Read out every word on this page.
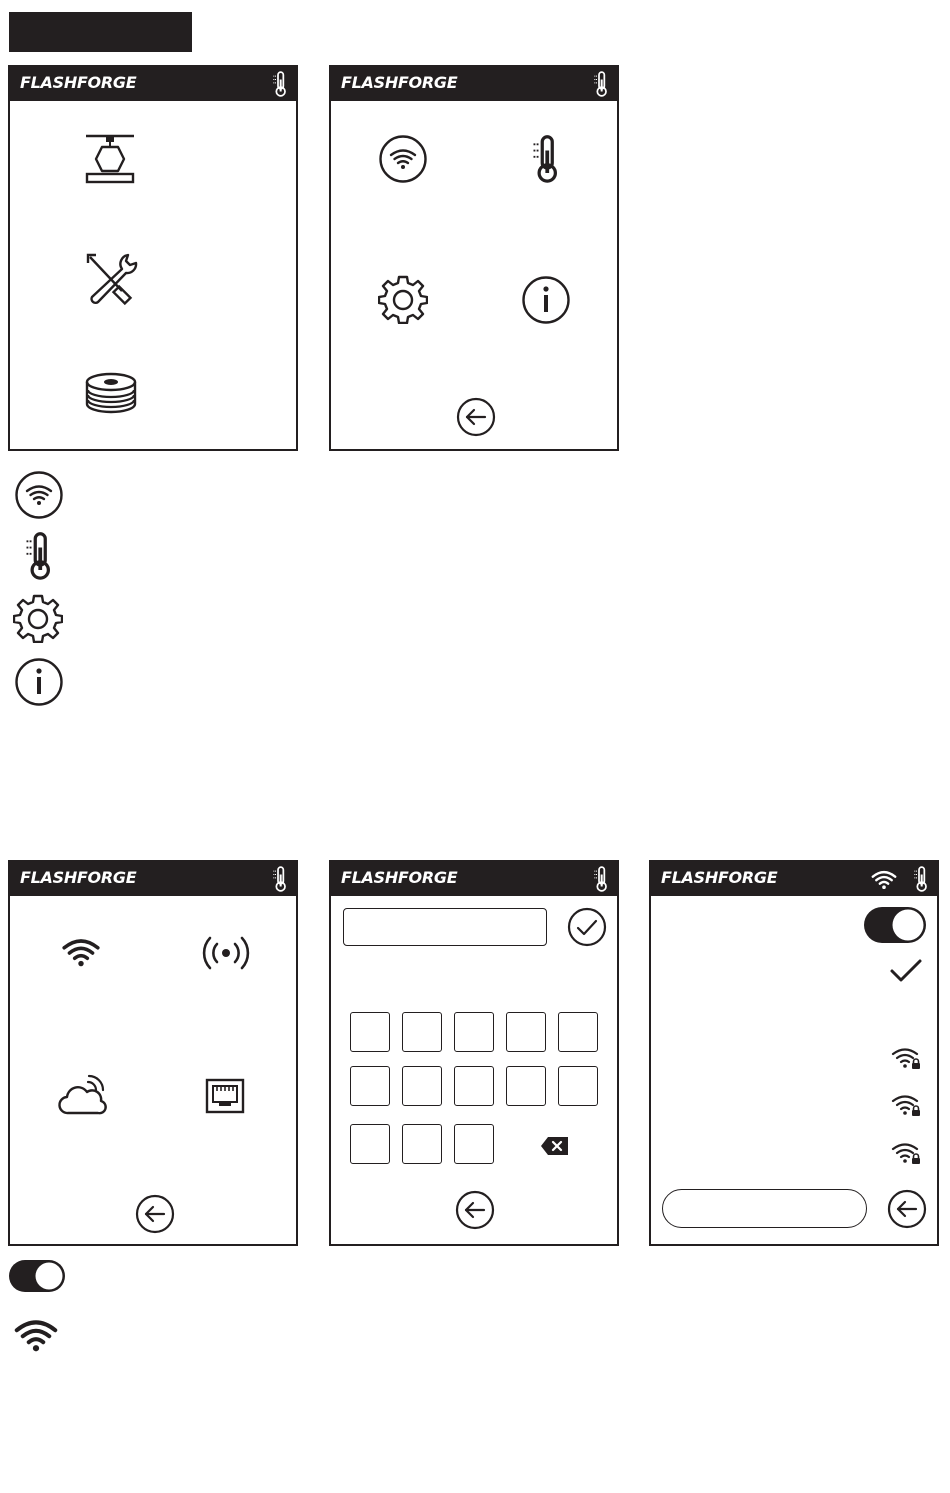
FLASHFORGE	FLASHFORGE
FLASHFORGE	FLASHFORGE	FLASHFORGE
